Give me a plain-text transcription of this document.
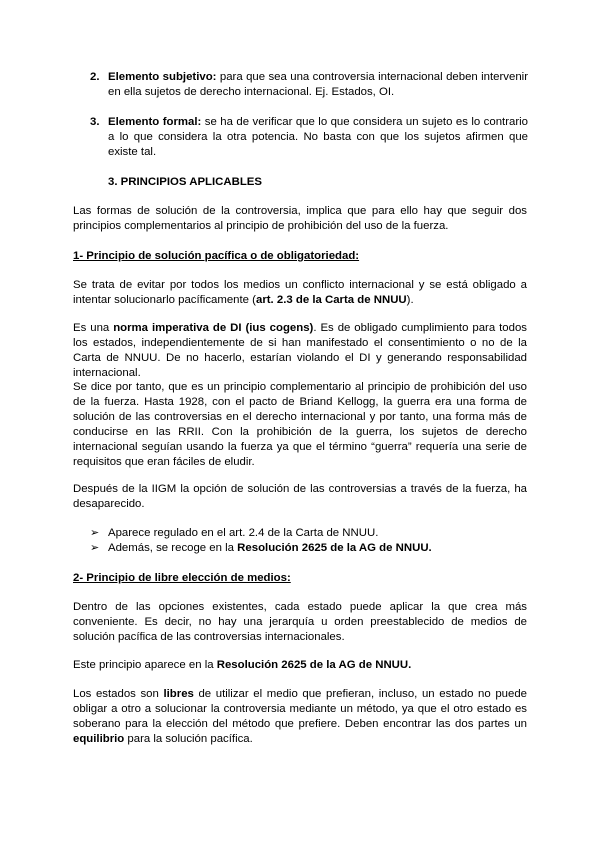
2. Elemento subjetivo: para que sea una controversia internacional deben intervenir en ella sujetos de derecho internacional. Ej. Estados, OI.

3. Elemento formal: se ha de verificar que lo que considera un sujeto es lo contrario a lo que considera la otra potencia. No basta con que los sujetos afirmen que existe tal.

3. PRINCIPIOS APLICABLES

Las formas de solución de la controversia, implica que para ello hay que seguir dos principios complementarios al principio de prohibición del uso de la fuerza.

1- Principio de solución pacífica o de obligatoriedad:

Se trata de evitar por todos los medios un conflicto internacional y se está obligado a intentar solucionarlo pacíficamente (art. 2.3 de la Carta de NNUU).

Es una norma imperativa de DI (ius cogens). Es de obligado cumplimiento para todos los estados, independientemente de si han manifestado el consentimiento o no de la Carta de NNUU. De no hacerlo, estarían violando el DI y generando responsabilidad internacional.

Se dice por tanto, que es un principio complementario al principio de prohibición del uso de la fuerza. Hasta 1928, con el pacto de Briand Kellogg, la guerra era una forma de solución de las controversias en el derecho internacional y por tanto, una forma más de conducirse en las RRII. Con la prohibición de la guerra, los sujetos de derecho internacional seguían usando la fuerza ya que el término “guerra” requería una serie de requisitos que eran fáciles de eludir.

Después de la IIGM la opción de solución de las controversias a través de la fuerza, ha desaparecido.

➢ Aparece regulado en el art. 2.4 de la Carta de NNUU.
➢ Además, se recoge en la Resolución 2625 de la AG de NNUU.
2- Principio de libre elección de medios:

Dentro de las opciones existentes, cada estado puede aplicar la que crea más conveniente. Es decir, no hay una jerarquía u orden preestablecido de medios de solución pacífica de las controversias internacionales.

Este principio aparece en la Resolución 2625 de la AG de NNUU.

Los estados son libres de utilizar el medio que prefieran, incluso, un estado no puede obligar a otro a solucionar la controversia mediante un método, ya que el otro estado es soberano para la elección del método que prefiere. Deben encontrar las dos partes un equilibrio para la solución pacífica.
